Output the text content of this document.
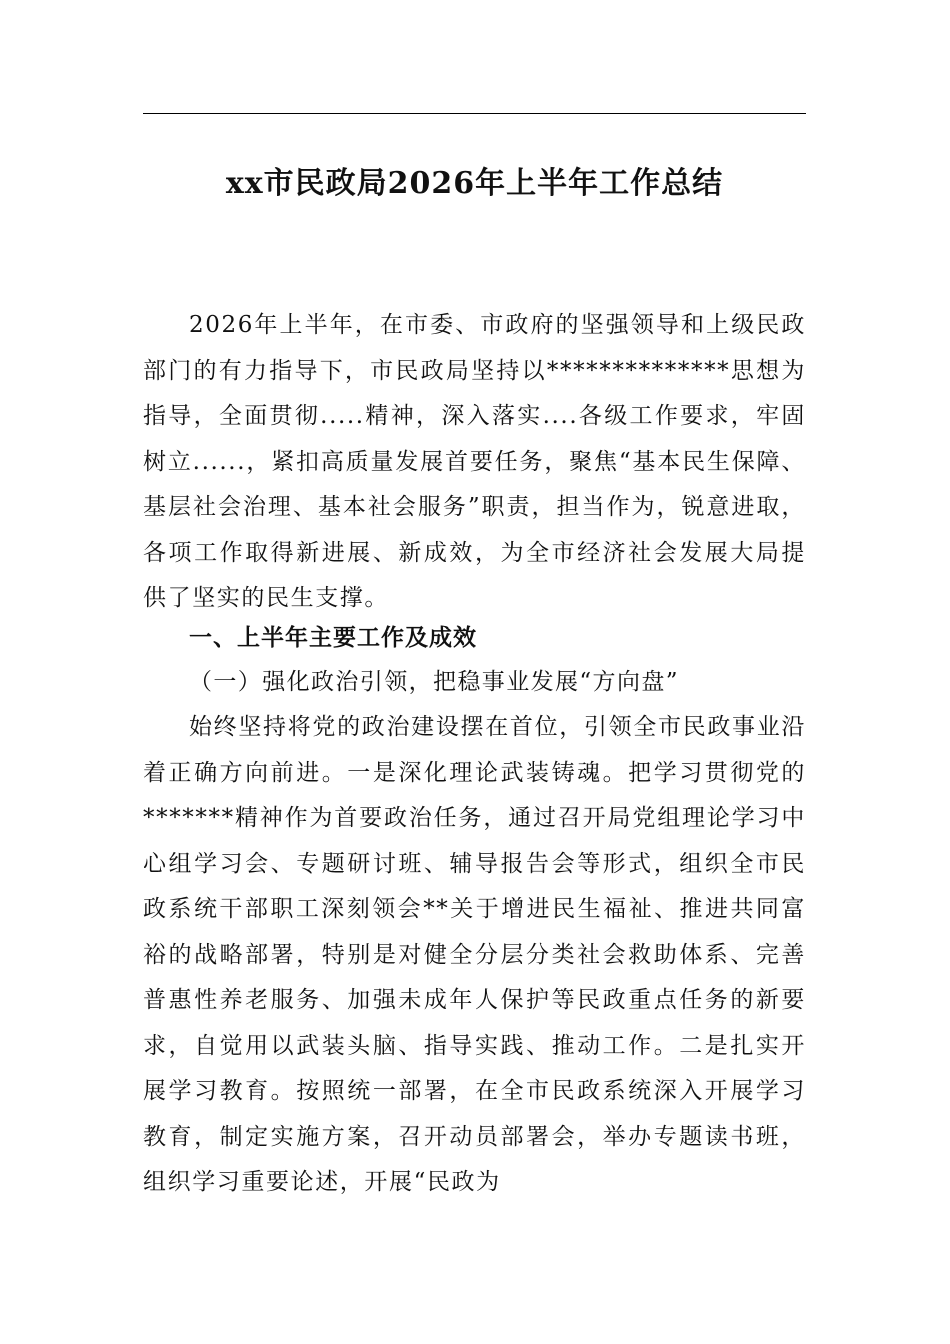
xx市民政局2026年上半年工作总结

2026年上半年，在市委、市政府的坚强领导和上级民政部门的有力指导下，市民政局坚持以**************思想为指导，全面贯彻.....精神，深入落实....各级工作要求，牢固树立......，紧扣高质量发展首要任务，聚焦“基本民生保障、基层社会治理、基本社会服务”职责，担当作为，锐意进取，各项工作取得新进展、新成效，为全市经济社会发展大局提供了坚实的民生支撑。

一、上半年主要工作及成效
（一）强化政治引领，把稳事业发展“方向盘”

始终坚持将党的政治建设摆在首位，引领全市民政事业沿着正确方向前进。一是深化理论武装铸魂。把学习贯彻党的*******精神作为首要政治任务，通过召开局党组理论学习中心组学习会、专题研讨班、辅导报告会等形式，组织全市民政系统干部职工深刻领会**关于增进民生福祉、推进共同富裕的战略部署，特别是对健全分层分类社会救助体系、完善普惠性养老服务、加强未成年人保护等民政重点任务的新要求，自觉用以武装头脑、指导实践、推动工作。二是扎实开展学习教育。按照统一部署，在全市民政系统深入开展学习教育，制定实施方案，召开动员部署会，举办专题读书班，组织学习重要论述，开展“民政为
